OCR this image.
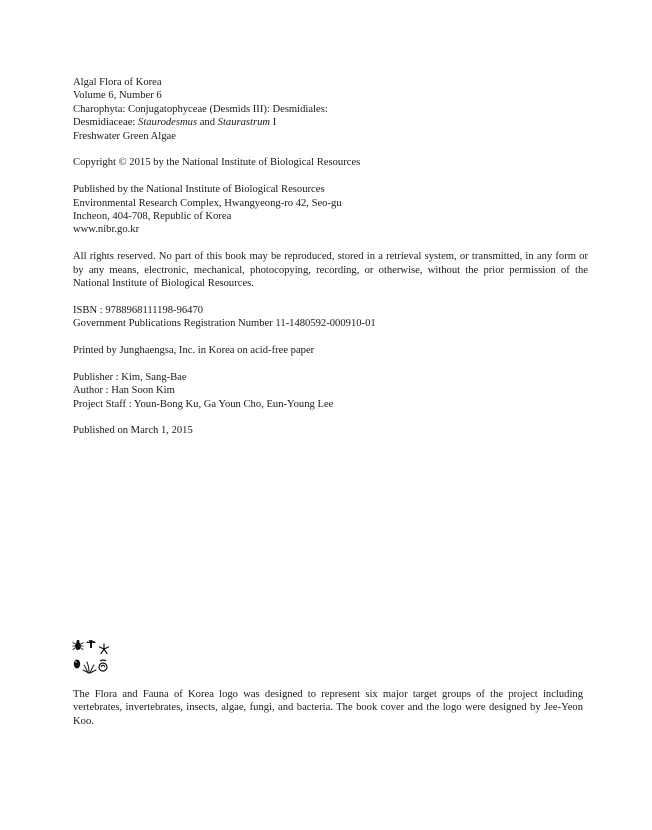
Algal Flora of Korea
Volume 6, Number 6
Charophyta: Conjugatophyceae (Desmids III): Desmidiales:
Desmidiaceae: Staurodesmus and Staurastrum I
Freshwater Green Algae
Copyright © 2015 by the National Institute of Biological Resources
Published by the National Institute of Biological Resources
Environmental Research Complex, Hwangyeong-ro 42, Seo-gu
Incheon, 404-708, Republic of Korea
www.nibr.go.kr
All rights reserved. No part of this book may be reproduced, stored in a retrieval system, or transmitted, in any form or by any means, electronic, mechanical, photocopying, recording, or otherwise, without the prior permission of the National Institute of Biological Resources.
ISBN : 9788968111198-96470
Government Publications Registration Number 11-1480592-000910-01
Printed by Junghaengsa, Inc. in Korea on acid-free paper
Publisher : Kim, Sang-Bae
Author : Han Soon Kim
Project Staff : Youn-Bong Ku, Ga Youn Cho, Eun-Young Lee
Published on March 1, 2015
The Flora and Fauna of Korea logo was designed to represent six major target groups of the project including vertebrates, invertebrates, insects, algae, fungi, and bacteria. The book cover and the logo were designed by Jee-Yeon Koo.
